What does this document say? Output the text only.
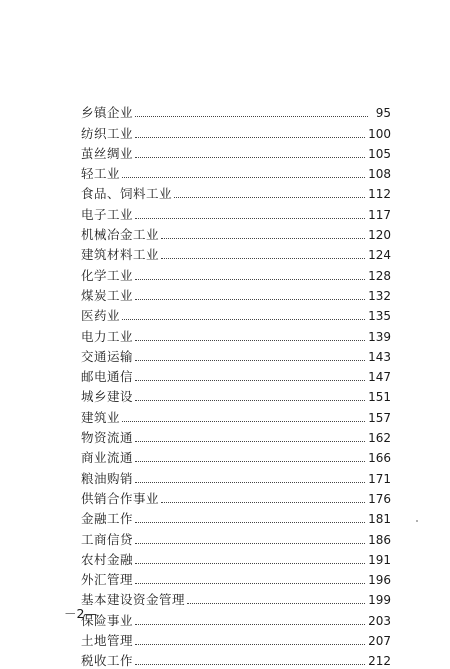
乡镇企业	95
纺织工业	100
茧丝绸业	105
轻工业	108
食品、饲料工业	112
电子工业	117
机械冶金工业	120
建筑材料工业	124
化学工业	128
煤炭工业	132
医药业	135
电力工业	139
交通运输	143
邮电通信	147
城乡建设	151
建筑业	157
物资流通	162
商业流通	166
粮油购销	171
供销合作事业	176
金融工作	181
工商信贷	186
农村金融	191
外汇管理	196
基本建设资金管理	199
保险事业	203
土地管理	207
税收工作	212
－2—
